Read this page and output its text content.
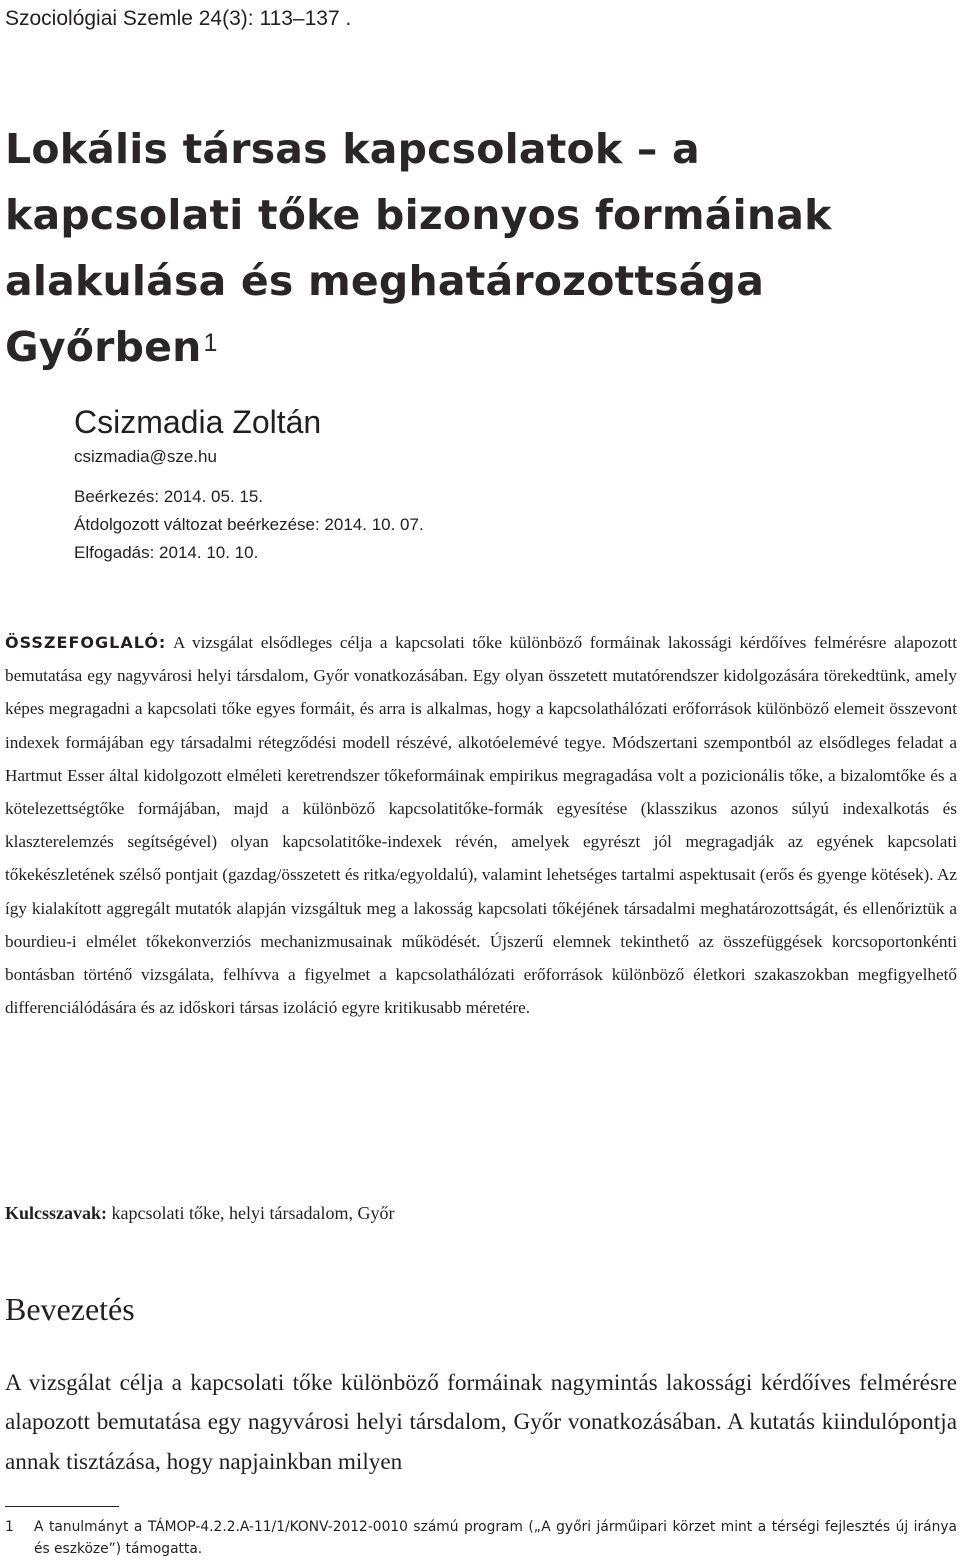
Szociológiai Szemle 24(3): 113–137 .
Lokális társas kapcsolatok – a kapcsolati tőke bizonyos formáinak alakulása és meghatározottsága Győrben$^1$
Csizmadia Zoltán
csizmadia@sze.hu
Beérkezés: 2014. 05. 15.
Átdolgozott változat beérkezése: 2014. 10. 07.
Elfogadás: 2014. 10. 10.

ÖSSZEFOGLALÓ: A vizsgálat elsődleges célja a kapcsolati tőke különböző formáinak lakossági kérdőíves felmérésre alapozott bemutatása egy nagyvárosi helyi társdalom, Győr vonatkozásában. Egy olyan összetett mutatórendszer kidolgozására törekedtünk, amely képes megragadni a kapcsolati tőke egyes formáit, és arra is alkalmas, hogy a kapcsolathálózati erőforrások különböző elemeit összevont indexek formájában egy társadalmi rétegződési modell részévé, alkotóelemévé tegye. Módszertani szempontból az elsődleges feladat a Hartmut Esser által kidolgozott elméleti keretrendszer tőkeformáinak empirikus megragadása volt a pozicionális tőke, a bizalomtőke és a kötelezettségtőke formájában, majd a különböző kapcsolatitőke-formák egyesítése (klasszikus azonos súlyú indexalkotás és klaszterelemzés segítségével) olyan kapcsolatitőke-indexek révén, amelyek egyrészt jól megragadják az egyének kapcsolati tőkekészletének szélső pontjait (gazdag/összetett és ritka/egyoldalú), valamint lehetséges tartalmi aspektusait (erős és gyenge kötések). Az így kialakított aggregált mutatók alapján vizsgáltuk meg a lakosság kapcsolati tőkéjének társadalmi meghatározottságát, és ellenőriztük a bourdieu-i elmélet tőkekonverziós mechanizmusainak működését. Újszerű elemnek tekinthető az összefüggések korcsoportonkénti bontásban történő vizsgálata, felhívva a figyelmet a kapcsolathálózati erőforrások különböző életkori szakaszokban megfigyelhető differenciálódására és az időskori társas izoláció egyre kritikusabb méretére.

Kulcsszavak: kapcsolati tőke, helyi társadalom, Győr

Bevezetés

A vizsgálat célja a kapcsolati tőke különböző formáinak nagymintás lakossági kérdőíves felmérésre alapozott bemutatása egy nagyvárosi helyi társdalom, Győr vonatkozásában. A kutatás kiindulópontja annak tisztázása, hogy napjainkban milyen

1 A tanulmányt a TÁMOP-4.2.2.A-11/1/KONV-2012-0010 számú program („A győri járműipari körzet mint a térségi fejlesztés új iránya és eszköze”) támogatta.
